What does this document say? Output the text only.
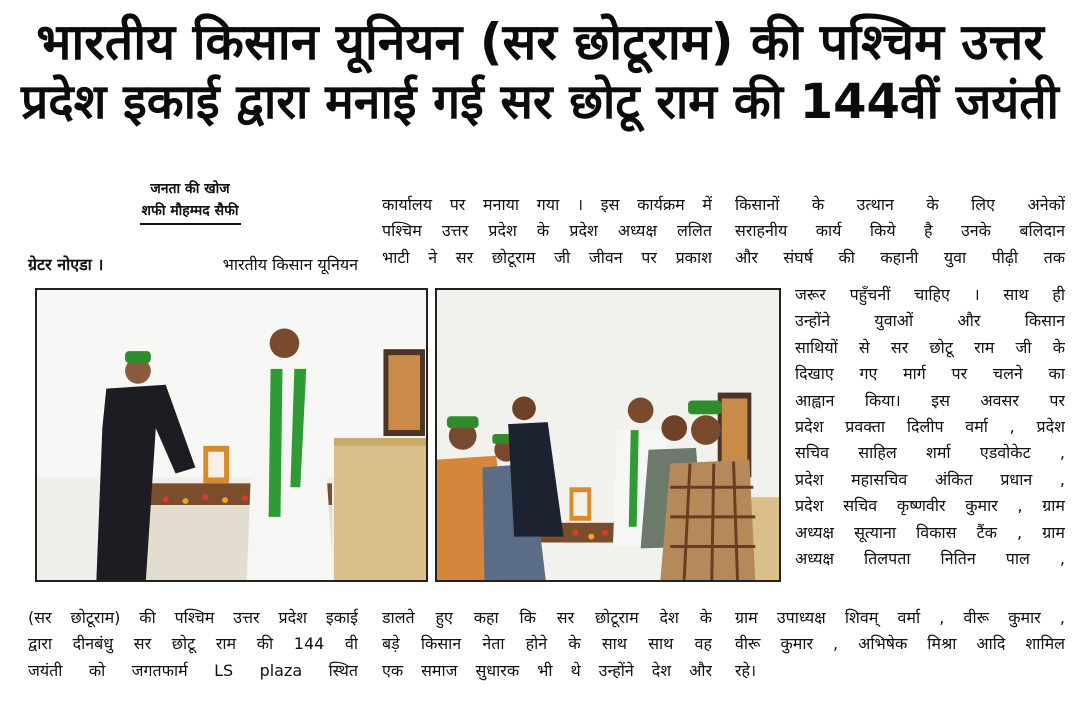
भारतीय किसान यूनियन (सर छोटूराम) की पश्चिम उत्तर
प्रदेश इकाई द्वारा मनाई गई सर छोटू राम की 144वीं जयंती
जनता की खोज
शफी मौहम्मद सैफी
ग्रेटर नोएडा ।	भारतीय किसान यूनियन
(सर छोटूराम) की पश्चिम उत्तर प्रदेश इकाई
द्वारा दीनबंधु सर छोटू राम की 144 वी
जयंती को जगतफार्म LS plaza स्थित
कार्यालय पर मनाया गया । इस कार्यक्रम में
पश्चिम उत्तर प्रदेश के प्रदेश अध्यक्ष ललित
भाटी ने सर छोटूराम जी जीवन पर प्रकाश
डालते हुए कहा कि सर छोटूराम देश के
बड़े किसान नेता होने के साथ साथ वह
एक समाज सुधारक भी थे उन्होंने देश और
किसानों के उत्थान के लिए अनेकों
सराहनीय कार्य किये है उनके बलिदान
और संघर्ष की कहानी युवा पीढ़ी तक
जरूर पहुँचनीं चाहिए । साथ ही
उन्होंने युवाओं और किसान
साथियों से सर छोटू राम जी के
दिखाए गए मार्ग पर चलने का
आह्वान किया। इस अवसर पर
प्रदेश प्रवक्ता दिलीप वर्मा , प्रदेश
सचिव साहिल शर्मा एडवोकेट ,
प्रदेश महासचिव अंकित प्रधान ,
प्रदेश सचिव कृष्णवीर कुमार , ग्राम
अध्यक्ष सूत्याना विकास टैंक , ग्राम
अध्यक्ष तिलपता नितिन पाल ,
ग्राम उपाध्यक्ष शिवम् वर्मा , वीरू कुमार ,
वीरू कुमार , अभिषेक मिश्रा आदि शामिल
रहे।
